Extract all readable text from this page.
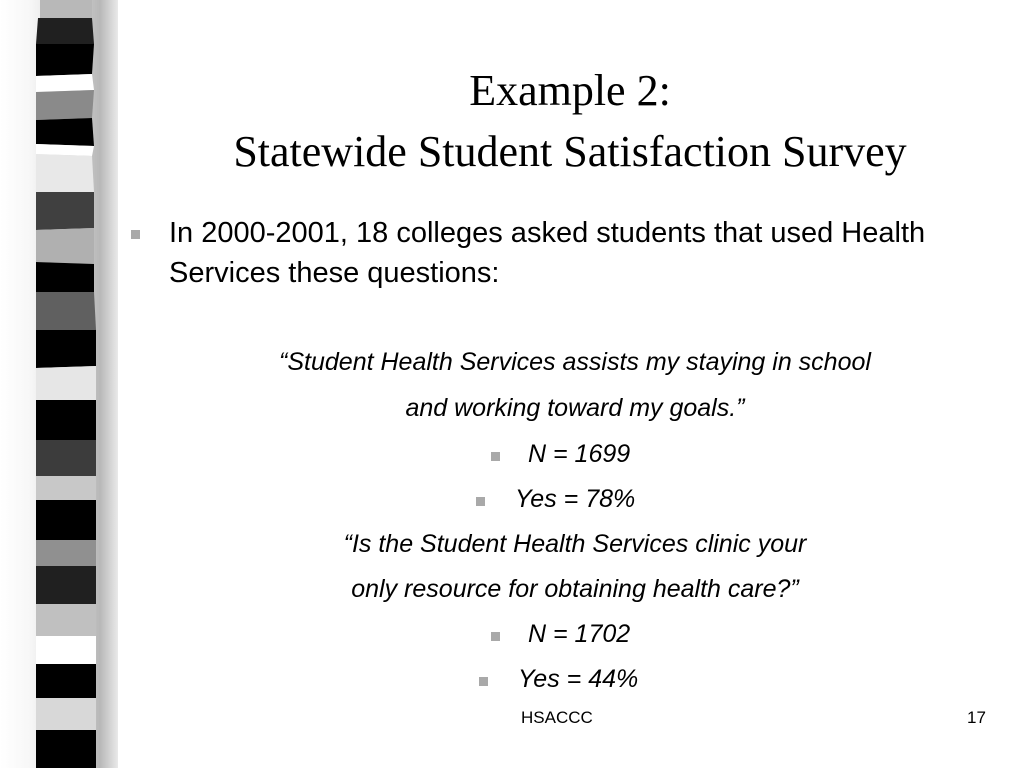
Example 2:
Statewide Student Satisfaction Survey

In 2000-2001, 18 colleges asked students that used Health Services these questions:

“Student Health Services assists my staying in school

and working toward my goals.”

N = 1699

Yes = 78%

“Is the Student Health Services clinic your

only resource for obtaining health care?”

N = 1702

Yes = 44%

HSACCC	17
